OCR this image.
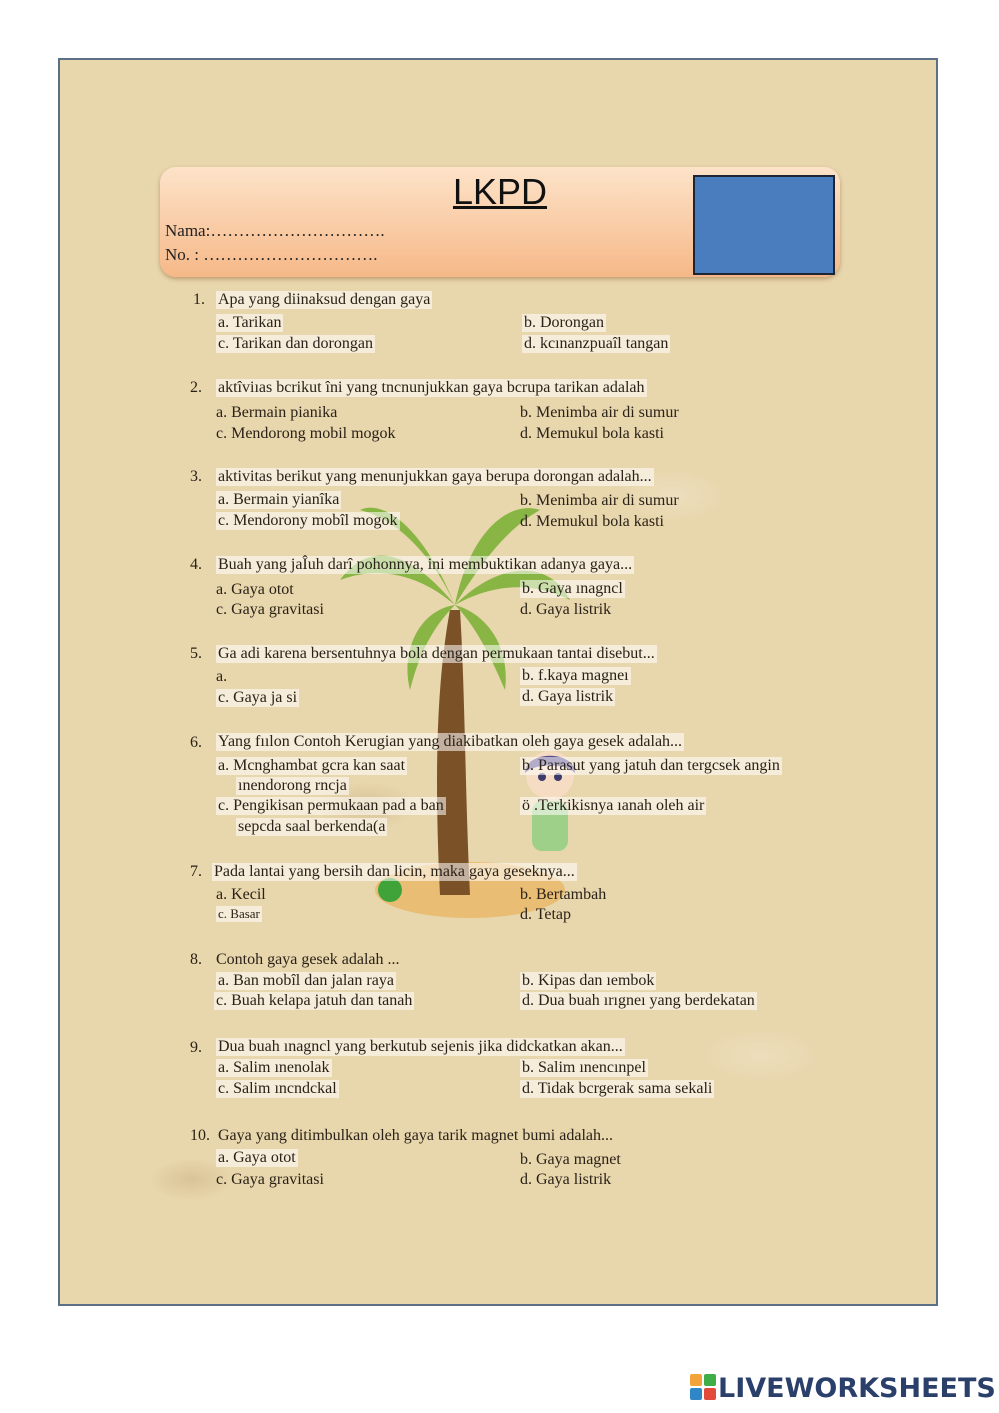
LKPD
Nama:………………………….
No. : ………………………….
1. Apa yang diinaksud dengan gaya
a. Tarikan	b. Dorongan
c. Tarikan dan dorongan	d. kcınanzpuaîl tangan
2. aktîviıas bcrikut îni yang tncnunjukkan gaya bcrupa tarikan adalah
a. Bermain pianika	b. Menimba air di sumur
c. Mendorong mobil mogok	d. Memukul bola kasti
3. aktivitas berikut yang menunjukkan gaya berupa dorongan adalah...
a. Bermain yianîka	b. Menimba air di sumur
c. Mendorony mobîl mogok	d. Memukul bola kasti
4. Buah yang jaÎuh darî pohonnya, ini membuktikan adanya gaya...
a. Gaya otot	b. Gaya ınagncl
c. Gaya gravitasi	d. Gaya listrik
5. Ga adi karena bersentuhnya bola dengan permukaan tantai disebut...
a.	b. f.kaya magneı
c. Gaya ja si	d. Gaya listrik
6. Yang fıılon Contoh Kerugian yang diakibatkan oleh gaya gesek adalah...
a. Mcnghambat gcra kan saat
ınendorong rncja
b. Parasut yang jatuh dan tergcsek angin
c. Pengikisan permukaan pad a ban
sepcda saal berkenda(a
ö .Terkikisnya ıanah oleh air
7. Pada lantai yang bersih dan licin, maka gaya geseknya...
a. Kecil	b. Bertambah
c. Basar	d. Tetap
8. Contoh gaya gesek adalah ...
a. Ban mobîl dan jalan raya	b. Kipas dan ıembok
c. Buah kelapa jatuh dan tanah	d. Dua buah ırıgneı yang berdekatan
9. Dua buah ınagncl yang berkutub sejenis jika didckatkan akan...
a. Salim ınenolak	b. Salim ınencınpel
c. Salim ıncndckal	d. Tidak bcrgerak sama sekali
10. Gaya yang ditimbulkan oleh gaya tarik magnet bumi adalah...
a. Gaya otot	b. Gaya magnet
c. Gaya gravitasi	d. Gaya listrik
LIVEWORKSHEETS
